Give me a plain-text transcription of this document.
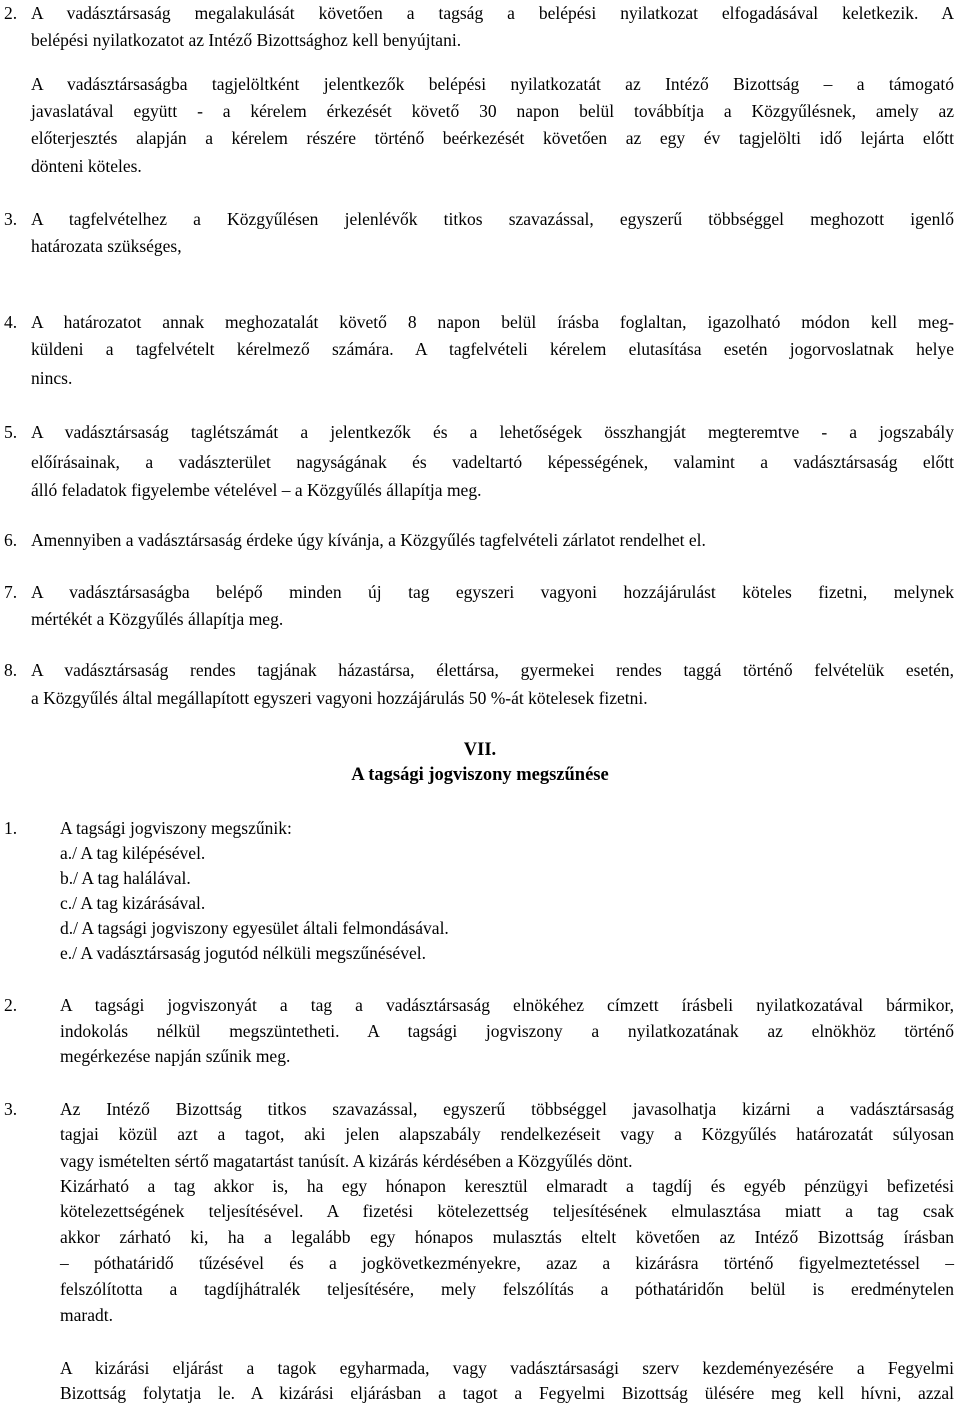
2. A vadásztársaság megalakulását követően a tagság a belépési nyilatkozat elfogadásával keletkezik. A
belépési nyilatkozatot az Intéző Bizottsághoz kell benyújtani.
A vadásztársaságba tagjelöltként jelentkezők belépési nyilatkozatát az Intéző Bizottság – a támogató
javaslatával együtt - a kérelem érkezését követő 30 napon belül továbbítja a Közgyűlésnek, amely az
előterjesztés alapján a kérelem részére történő beérkezését követően az egy év tagjelölti idő lejárta előtt
dönteni köteles.
3. A tagfelvételhez a Közgyűlésen jelenlévők titkos szavazással, egyszerű többséggel meghozott igenlő
határozata szükséges,
4. A határozatot annak meghozatalát követő 8 napon belül írásba foglaltan, igazolható módon kell meg-
küldeni a tagfelvételt kérelmező számára. A tagfelvételi kérelem elutasítása esetén jogorvoslatnak helye
nincs.
5. A vadásztársaság taglétszámát a jelentkezők és a lehetőségek összhangját megteremtve - a jogszabály
előírásainak, a vadászterület nagyságának és vadeltartó képességének, valamint a vadásztársaság előtt
álló feladatok figyelembe vételével – a Közgyűlés állapítja meg.
6. Amennyiben a vadásztársaság érdeke úgy kívánja, a Közgyűlés tagfelvételi zárlatot rendelhet el.
7. A vadásztársaságba belépő minden új tag egyszeri vagyoni hozzájárulást köteles fizetni, melynek
mértékét a Közgyűlés állapítja meg.
8. A vadásztársaság rendes tagjának házastársa, élettársa, gyermekei rendes taggá történő felvételük esetén,
a Közgyűlés által megállapított egyszeri vagyoni hozzájárulás 50 %-át kötelesek fizetni.
VII.
A tagsági jogviszony megszűnése
1. A tagsági jogviszony megszűnik:
a./ A tag kilépésével.
b./ A tag halálával.
c./ A tag kizárásával.
d./ A tagsági jogviszony egyesület általi felmondásával.
e./ A vadásztársaság jogutód nélküli megszűnésével.
2. A tagsági jogviszonyát a tag a vadásztársaság elnökéhez címzett írásbeli nyilatkozatával bármikor,
indokolás nélkül megszüntetheti. A tagsági jogviszony a nyilatkozatának az elnökhöz történő
megérkezése napján szűnik meg.
3. Az Intéző Bizottság titkos szavazással, egyszerű többséggel javasolhatja kizárni a vadásztársaság
tagjai közül azt a tagot, aki jelen alapszabály rendelkezéseit vagy a Közgyűlés határozatát súlyosan
vagy ismételten sértő magatartást tanúsít. A kizárás kérdésében a Közgyűlés dönt.
Kizárható a tag akkor is, ha egy hónapon keresztül elmaradt a tagdíj és egyéb pénzügyi befizetési
kötelezettségének teljesítésével. A fizetési kötelezettség teljesítésének elmulasztása miatt a tag csak
akkor zárható ki, ha a legalább egy hónapos mulasztás eltelt követően az Intéző Bizottság írásban
– póthatáridő tűzésével és a jogkövetkezményekre, azaz a kizárásra történő figyelmeztetéssel –
felszólította a tagdíjhátralék teljesítésére, mely felszólítás a póthatáridőn belül is eredménytelen
maradt.
A kizárási eljárást a tagok egyharmada, vagy vadásztársasági szerv kezdeményezésére a Fegyelmi
Bizottság folytatja le. A kizárási eljárásban a tagot a Fegyelmi Bizottság ülésére meg kell hívni, azzal
